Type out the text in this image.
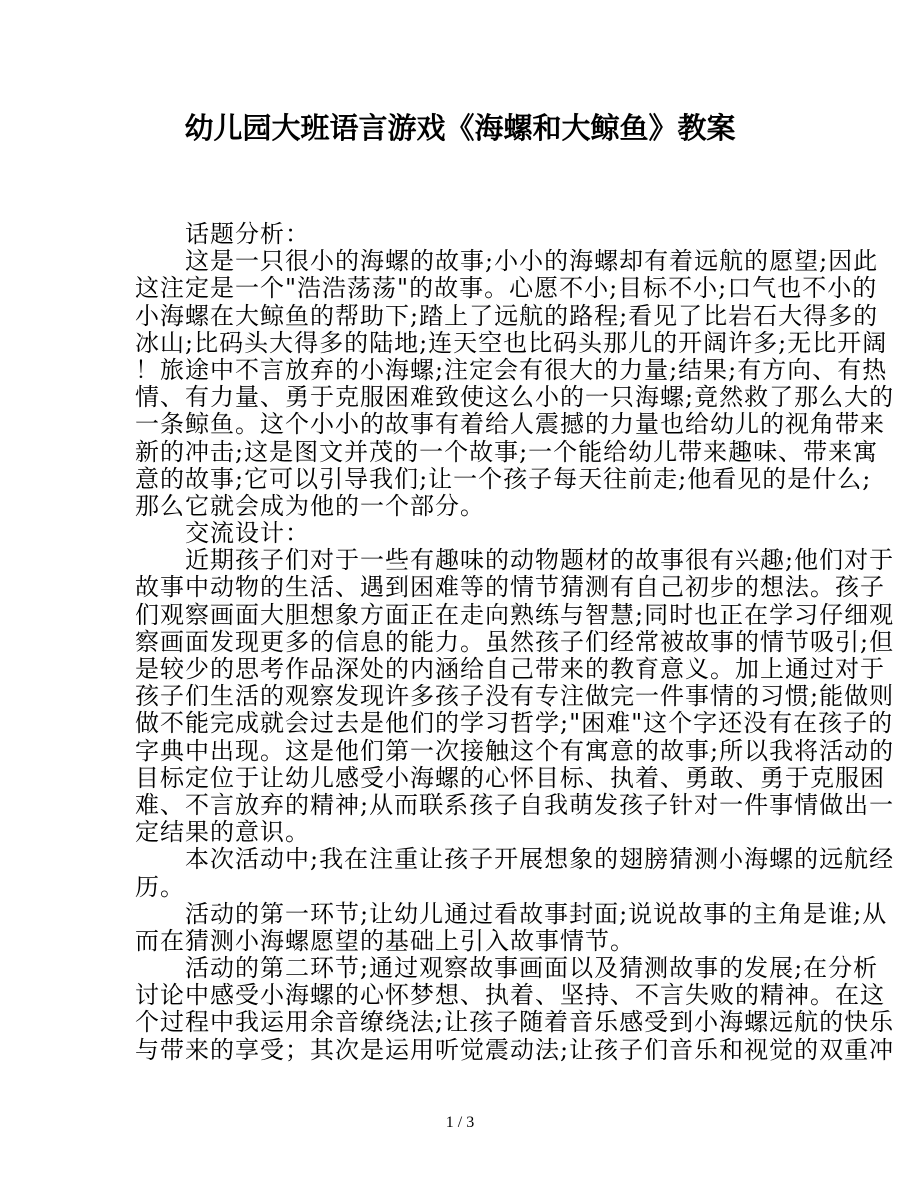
幼儿园大班语言游戏《海螺和大鲸鱼》教案
话题分析：
这是一只很小的海螺的故事;小小的海螺却有着远航的愿望;因此
这注定是一个"浩浩荡荡"的故事。心愿不小;目标不小;口气也不小的
小海螺在大鲸鱼的帮助下;踏上了远航的路程;看见了比岩石大得多的
冰山;比码头大得多的陆地;连天空也比码头那儿的开阔许多;无比开阔
！旅途中不言放弃的小海螺;注定会有很大的力量;结果;有方向、有热
情、有力量、勇于克服困难致使这么小的一只海螺;竟然救了那么大的
一条鲸鱼。这个小小的故事有着给人震撼的力量也给幼儿的视角带来
新的冲击;这是图文并茂的一个故事;一个能给幼儿带来趣味、带来寓
意的故事;它可以引导我们;让一个孩子每天往前走;他看见的是什么;
那么它就会成为他的一个部分。
交流设计：
近期孩子们对于一些有趣味的动物题材的故事很有兴趣;他们对于
故事中动物的生活、遇到困难等的情节猜测有自己初步的想法。孩子
们观察画面大胆想象方面正在走向熟练与智慧;同时也正在学习仔细观
察画面发现更多的信息的能力。虽然孩子们经常被故事的情节吸引;但
是较少的思考作品深处的内涵给自己带来的教育意义。加上通过对于
孩子们生活的观察发现许多孩子没有专注做完一件事情的习惯;能做则
做不能完成就会过去是他们的学习哲学;"困难"这个字还没有在孩子的
字典中出现。这是他们第一次接触这个有寓意的故事;所以我将活动的
目标定位于让幼儿感受小海螺的心怀目标、执着、勇敢、勇于克服困
难、不言放弃的精神;从而联系孩子自我萌发孩子针对一件事情做出一
定结果的意识。
本次活动中;我在注重让孩子开展想象的翅膀猜测小海螺的远航经
历。
活动的第一环节;让幼儿通过看故事封面;说说故事的主角是谁;从
而在猜测小海螺愿望的基础上引入故事情节。
活动的第二环节;通过观察故事画面以及猜测故事的发展;在分析
讨论中感受小海螺的心怀梦想、执着、坚持、不言失败的精神。在这
个过程中我运用余音缭绕法;让孩子随着音乐感受到小海螺远航的快乐
与带来的享受；其次是运用听觉震动法;让孩子们音乐和视觉的双重冲
1 / 3
